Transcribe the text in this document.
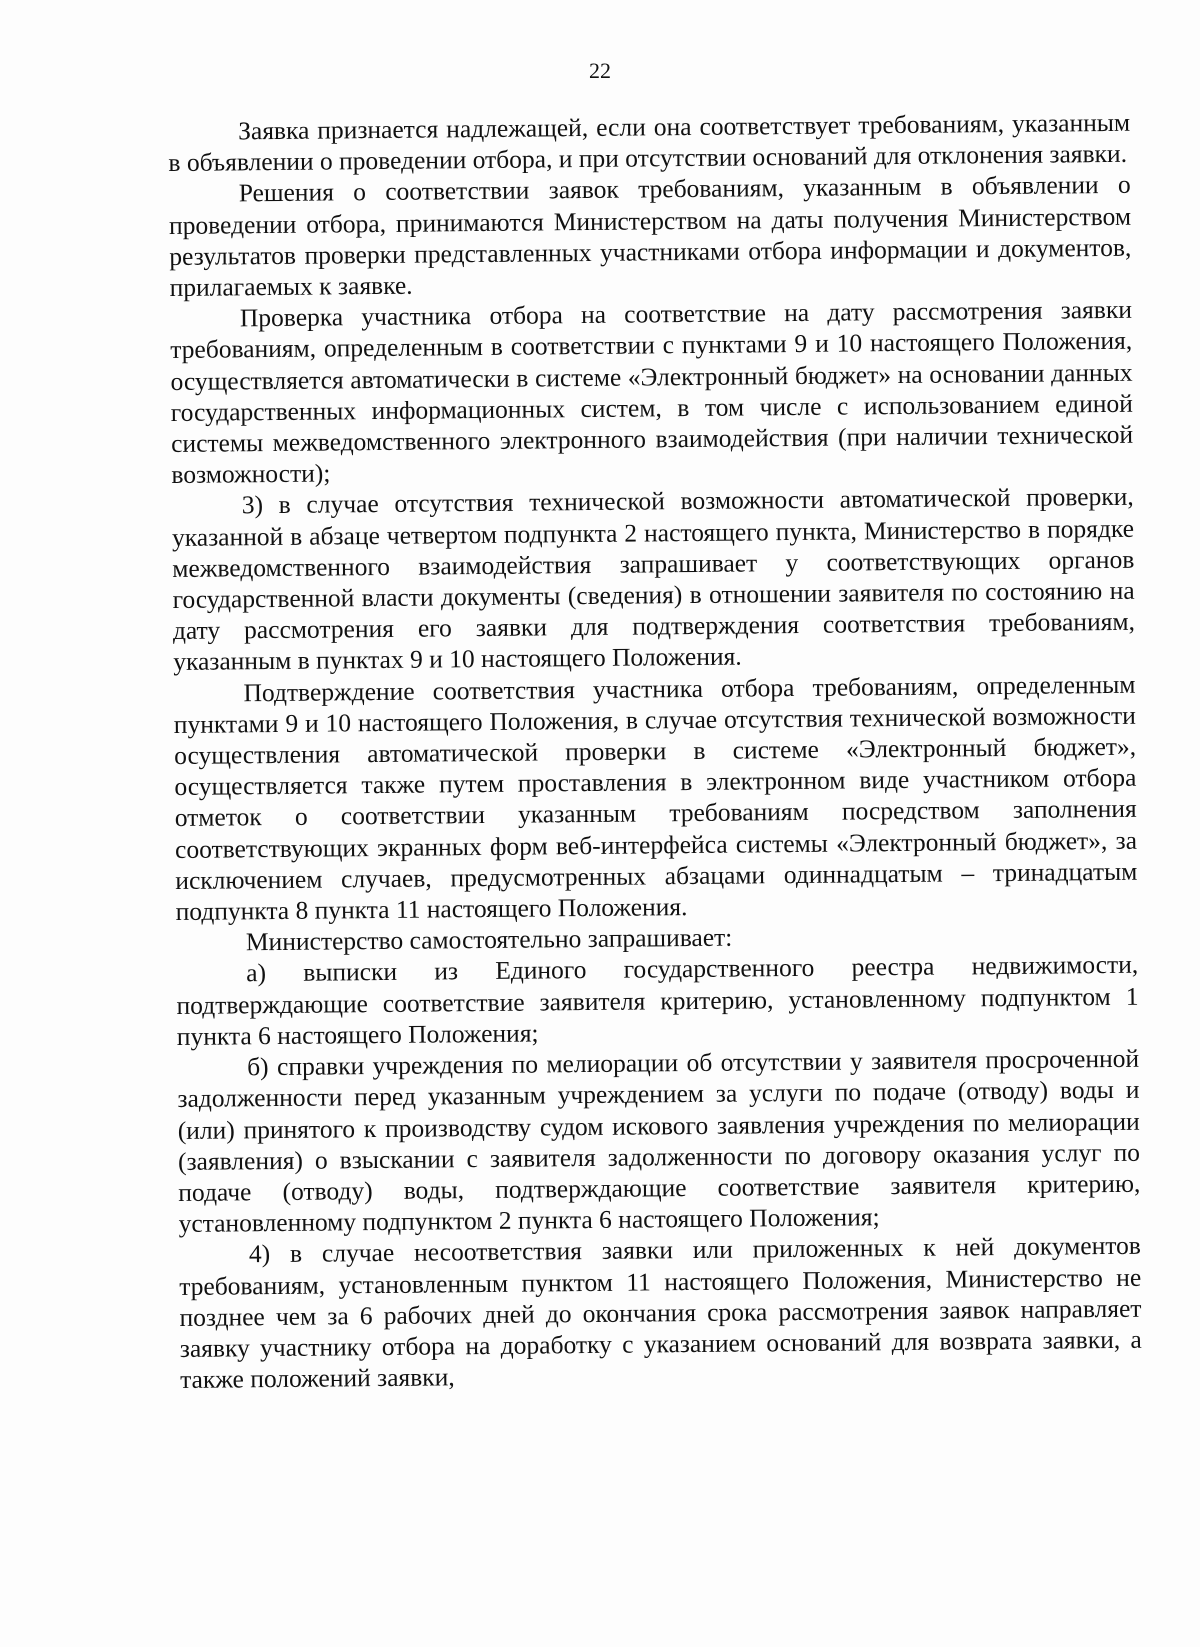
22

Заявка признается надлежащей, если она соответствует требованиям, указанным в объявлении о проведении отбора, и при отсутствии оснований для отклонения заявки.

Решения о соответствии заявок требованиям, указанным в объявлении о проведении отбора, принимаются Министерством на даты получения Министерством результатов проверки представленных участниками отбора информации и документов, прилагаемых к заявке.

Проверка участника отбора на соответствие на дату рассмотрения заявки требованиям, определенным в соответствии с пунктами 9 и 10 настоящего Положения, осуществляется автоматически в системе «Электронный бюджет» на основании данных государственных информационных систем, в том числе с использованием единой системы межведомственного электронного взаимодействия (при наличии технической возможности);

3) в случае отсутствия технической возможности автоматической проверки, указанной в абзаце четвертом подпункта 2 настоящего пункта, Министерство в порядке межведомственного взаимодействия запрашивает у соответствующих органов государственной власти документы (сведения) в отношении заявителя по состоянию на дату рассмотрения его заявки для подтверждения соответствия требованиям, указанным в пунктах 9 и 10 настоящего Положения.

Подтверждение соответствия участника отбора требованиям, определенным пунктами 9 и 10 настоящего Положения, в случае отсутствия технической возможности осуществления автоматической проверки в системе «Электронный бюджет», осуществляется также путем проставления в электронном виде участником отбора отметок о соответствии указанным требованиям посредством заполнения соответствующих экранных форм веб-интерфейса системы «Электронный бюджет», за исключением случаев, предусмотренных абзацами одиннадцатым – тринадцатым подпункта 8 пункта 11 настоящего Положения.

Министерство самостоятельно запрашивает:

а) выписки из Единого государственного реестра недвижимости, подтверждающие соответствие заявителя критерию, установленному подпунктом 1 пункта 6 настоящего Положения;

б) справки учреждения по мелиорации об отсутствии у заявителя просроченной задолженности перед указанным учреждением за услуги по подаче (отводу) воды и (или) принятого к производству судом искового заявления учреждения по мелиорации (заявления) о взыскании с заявителя задолженности по договору оказания услуг по подаче (отводу) воды, подтверждающие соответствие заявителя критерию, установленному подпунктом 2 пункта 6 настоящего Положения;

4) в случае несоответствия заявки или приложенных к ней документов требованиям, установленным пунктом 11 настоящего Положения, Министерство не позднее чем за 6 рабочих дней до окончания срока рассмотрения заявок направляет заявку участнику отбора на доработку с указанием оснований для возврата заявки, а также положений заявки,
